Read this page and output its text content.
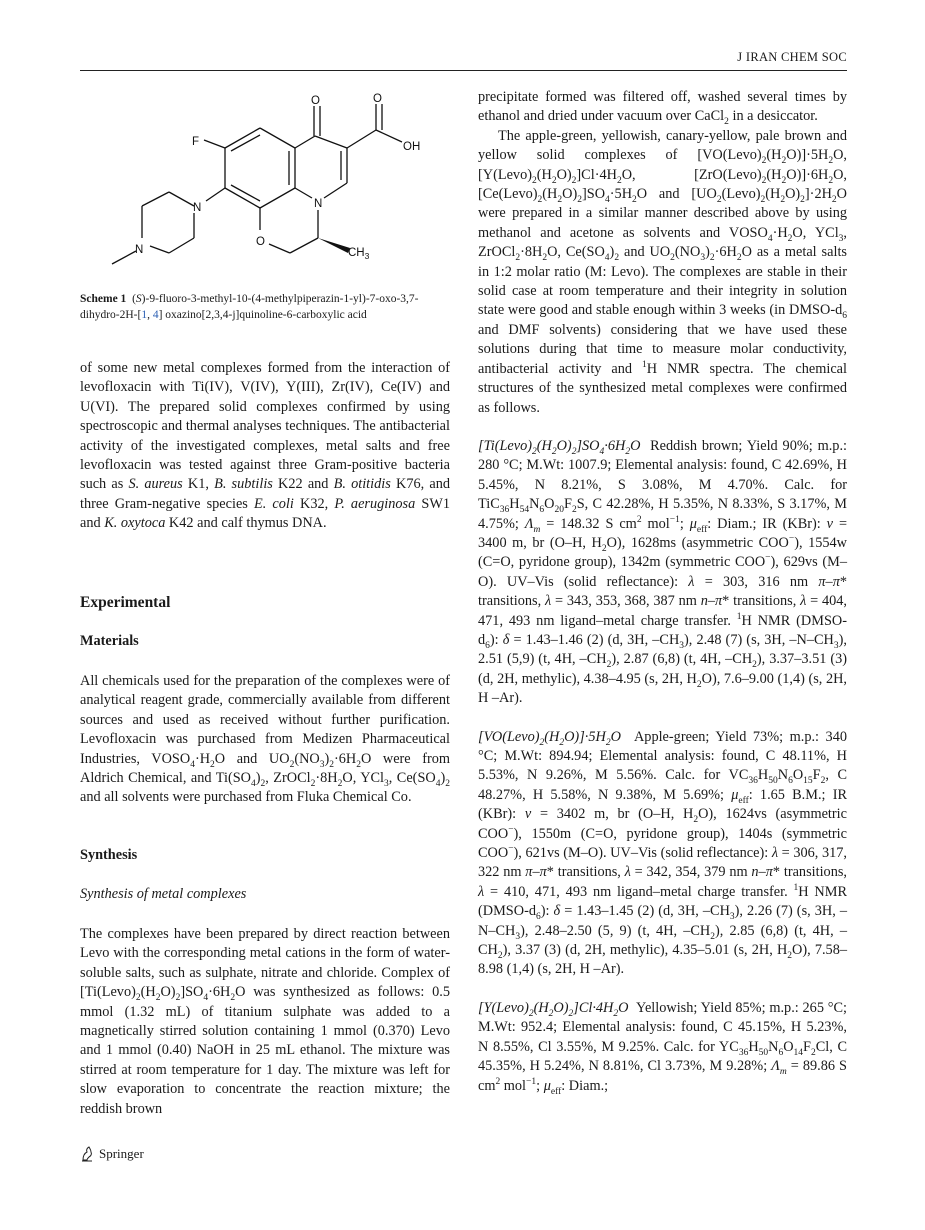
J IRAN CHEM SOC
O	O
OH
F
N
N
N
O
$CH_3$
Scheme 1  (S)-9-fluoro-3-methyl-10-(4-methylpiperazin-1-yl)-7-oxo-3,7-dihydro-2H-[1, 4] oxazino[2,3,4-j]quinoline-6-carboxylic acid

of some new metal complexes formed from the interaction of levofloxacin with Ti(IV), V(IV), Y(III), Zr(IV), Ce(IV) and U(VI). The prepared solid complexes confirmed by using spectroscopic and thermal analyses techniques. The antibacterial activity of the investigated complexes, metal salts and free levofloxacin was tested against three Gram-positive bacteria such as S. aureus K1, B. subtilis K22 and B. otitidis K76, and three Gram-negative species E. coli K32, P. aeruginosa SW1 and K. oxytoca K42 and calf thymus DNA.

Experimental
Materials

All chemicals used for the preparation of the complexes were of analytical reagent grade, commercially available from different sources and used as received without further purification. Levofloxacin was purchased from Medizen Pharmaceutical Industries, $VOSO_4\cdot H_2O$ and $UO_2(NO_3)_2\cdot 6H_2O$ were from Aldrich Chemical, and $Ti(SO_4)_2$, $ZrOCl_2\cdot 8H_2O$, YCl$_3$, $Ce(SO_4)_2$ and all solvents were purchased from Fluka Chemical Co.

Synthesis
Synthesis of metal complexes

The complexes have been prepared by direct reaction between Levo with the corresponding metal cations in the form of water-soluble salts, such as sulphate, nitrate and chloride. Complex of $[Ti(Levo)_2(H_2O)_2]SO_4\cdot 6H_2O$ was synthesized as follows: 0.5 mmol (1.32 mL) of titanium sulphate was added to a magnetically stirred solution containing 1 mmol (0.370) Levo and 1 mmol (0.40) NaOH in 25 mL ethanol. The mixture was stirred at room temperature for 1 day. The mixture was left for slow evaporation to concentrate the reaction mixture; the reddish brown

precipitate formed was filtered off, washed several times by ethanol and dried under vacuum over CaCl$_2$ in a desiccator.

The apple-green, yellowish, canary-yellow, pale brown and yellow solid complexes of $[VO(Levo)_2(H_2O)]\cdot 5H_2O$, $[Y(Levo)_2(H_2O)_2]Cl\cdot 4H_2O$, $[ZrO(Levo)_2(H_2O)]\cdot 6H_2O$, $[Ce(Levo)_2(H_2O)_2]SO_4\cdot 5H_2O$ and $[UO_2(Levo)_2(H_2O)_2]\cdot 2H_2O$ were prepared in a similar manner described above by using methanol and acetone as solvents and $VOSO_4\cdot H_2O$, YCl$_3$, $ZrOCl_2\cdot 8H_2O$, $Ce(SO_4)_2$ and $UO_2(NO_3)_2\cdot 6H_2O$ as a metal salts in 1:2 molar ratio (M: Levo). The complexes are stable in their solid case at room temperature and their integrity in solution state were good and stable enough within 3 weeks (in DMSO-$d_6$ and DMF solvents) considering that we have used these solutions during that time to measure molar conductivity, antibacterial activity and $^1$H NMR spectra. The chemical structures of the synthesized metal complexes were confirmed as follows.

$[Ti(Levo)_2(H_2O)_2]SO_4\cdot 6H_2O$  Reddish brown; Yield 90%; m.p.: 280 °C; M.Wt: 1007.9; Elemental analysis: found, C 42.69%, H 5.45%, N 8.21%, S 3.08%, M 4.70%. Calc. for $TiC_{36}H_{54}N_6O_{20}F_2S$, C 42.28%, H 5.35%, N 8.33%, S 3.17%, M 4.75%; $\Lambda_m = 148.32$ S $cm^2$ mol$^{-1}$; $\mu_{eff}$: Diam.; IR (KBr): ν = 3400 m, br (O–H, $H_2O$), 1628ms (asymmetric COO−), 1554w (C=O, pyridone group), 1342m (symmetric COO−), 629vs (M–O). UV–Vis (solid reflectance): λ = 303, 316 nm π–π* transitions, λ = 343, 353, 368, 387 nm n–π* transitions, λ = 404, 471, 493 nm ligand–metal charge transfer. $^1$H NMR $(DMSO-d_6)$: δ = 1.43–1.46 (2) (d, 3H, $-CH_3$), 2.48 (7) (s, 3H, $-N-CH_3$), 2.51 (5,9) (t, 4H, $-CH_2$), 2.87 (6,8) (t, 4H, $-CH_2$), 3.37–3.51 (3) (d, 2H, methylic), 4.38–4.95 (s, 2H, $H_2O$), 7.6–9.00 (1,4) (s, 2H, H –Ar).

$[VO(Levo)_2(H_2O)]\cdot 5H_2O$  Apple-green; Yield 73%; m.p.: 340 °C; M.Wt: 894.94; Elemental analysis: found, C 48.11%, H 5.53%, N 9.26%, M 5.56%. Calc. for $VC_{36}H_{50}N_6O_{15}F_2$, C 48.27%, H 5.58%, N 9.38%, M 5.69%; $\mu_{eff}$: 1.65 B.M.; IR (KBr): ν = 3402 m, br (O–H, $H_2O$), 1624vs (asymmetric COO−), 1550m (C=O, pyridone group), 1404s (symmetric COO−), 621vs (M–O). UV–Vis (solid reflectance): λ = 306, 317, 322 nm π–π* transitions, λ = 342, 354, 379 nm n–π* transitions, λ = 410, 471, 493 nm ligand–metal charge transfer. $^1$H NMR $(DMSO-d_6)$: δ = 1.43–1.45 (2) (d, 3H, $-CH_3$), 2.26 (7) (s, 3H, $-N-CH_3$), 2.48–2.50 (5, 9) (t, 4H, $-CH_2$), 2.85 (6,8) (t, 4H, $-CH_2$), 3.37 (3) (d, 2H, methylic), 4.35–5.01 (s, 2H, $H_2O$), 7.58–8.98 (1,4) (s, 2H, H –Ar).

$[Y(Levo)_2(H_2O)_2]Cl\cdot 4H_2O$  Yellowish; Yield 85%; m.p.: 265 °C; M.Wt: 952.4; Elemental analysis: found, C 45.15%, H 5.23%, N 8.55%, Cl 3.55%, M 9.25%. Calc. for $YC_{36}H_{50}N_6O_{14}F_2Cl$, C 45.35%, H 5.24%, N 8.81%, Cl 3.73%, M 9.28%; $\Lambda_m = 89.86$ S $cm^2$ mol$^{-1}$; $\mu_{eff}$: Diam.;

Springer
